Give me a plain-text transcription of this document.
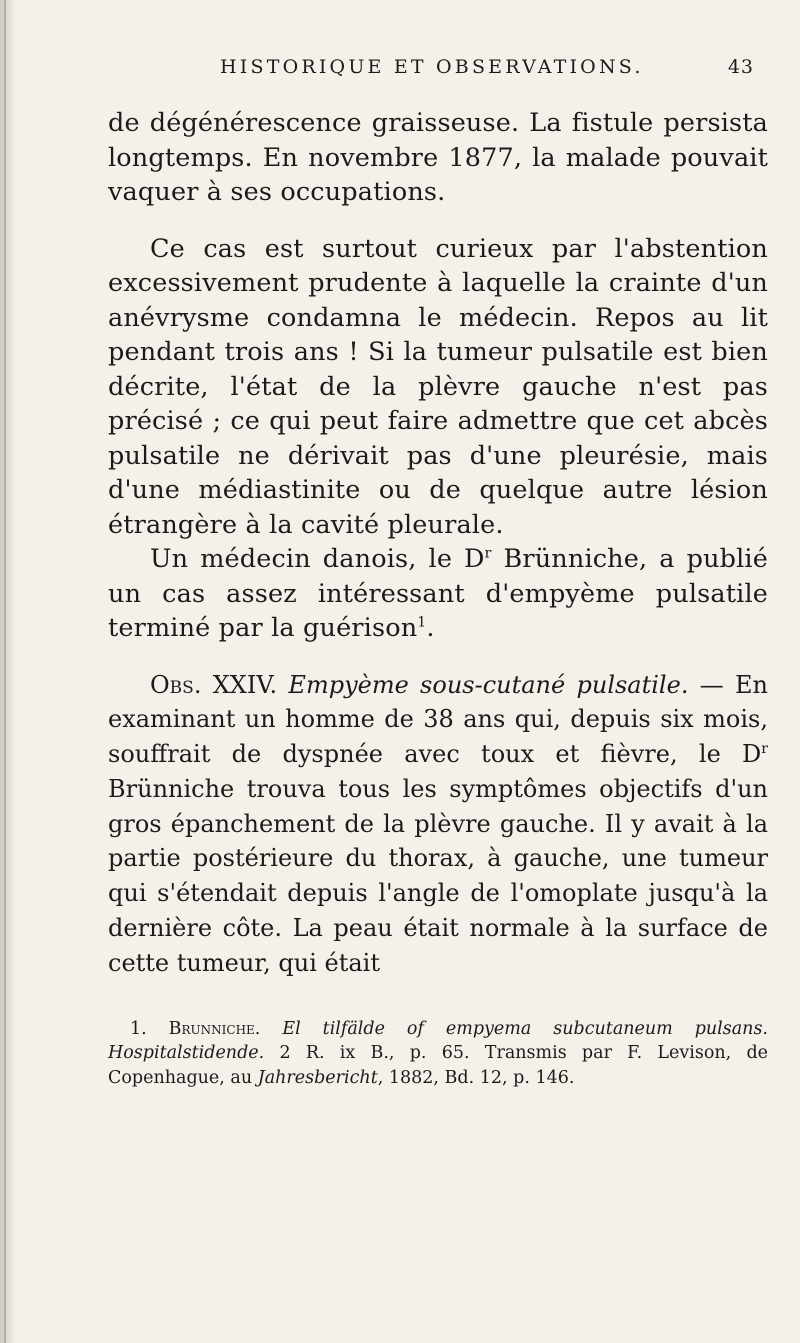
HISTORIQUE ET OBSERVATIONS.	43

de dégénérescence graisseuse. La fistule persista longtemps. En novembre 1877, la malade pouvait vaquer à ses occupations.

Ce cas est surtout curieux par l'abstention excessivement prudente à laquelle la crainte d'un anévrysme condamna le médecin. Repos au lit pendant trois ans ! Si la tumeur pulsatile est bien décrite, l'état de la plèvre gauche n'est pas précisé ; ce qui peut faire admettre que cet abcès pulsatile ne dérivait pas d'une pleurésie, mais d'une médiastinite ou de quelque autre lésion étrangère à la cavité pleurale.

Un médecin danois, le $D^r$ Brünniche, a publié un cas assez intéressant d'empyème pulsatile terminé par la guérison$^1$.

Obs. XXIV. Empyème sous-cutané pulsatile. — En examinant un homme de 38 ans qui, depuis six mois, souffrait de dyspnée avec toux et fièvre, le $D^r$ Brünniche trouva tous les symptômes objectifs d'un gros épanchement de la plèvre gauche. Il y avait à la partie postérieure du thorax, à gauche, une tumeur qui s'étendait depuis l'angle de l'omoplate jusqu'à la dernière côte. La peau était normale à la surface de cette tumeur, qui était

1. Brunniche. El tilfälde of empyema subcutaneum pulsans. Hospitalstidende. 2 R. ix B., p. 65. Transmis par F. Levison, de Copenhague, au Jahresbericht, 1882, Bd. 12, p. 146.
